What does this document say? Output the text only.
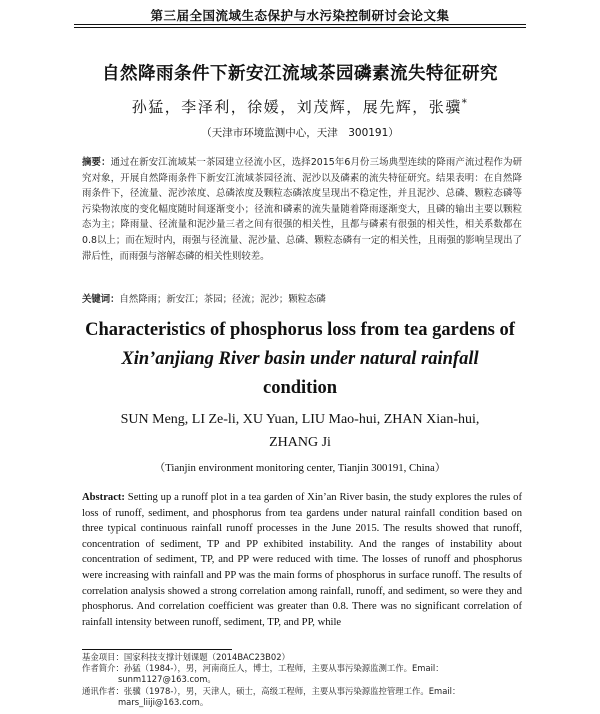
第三届全国流域生态保护与水污染控制研讨会论文集
自然降雨条件下新安江流域茶园磷素流失特征研究
孙猛，李泽利，徐媛，刘茂辉，展先辉，张骥*
（天津市环境监测中心，天津　300191）
摘要：通过在新安江流域某一茶园建立径流小区，选择2015年6月份三场典型连续的降雨产流过程作为研究对象，开展自然降雨条件下新安江流域茶园径流、泥沙以及磷素的流失特征研究。结果表明：在自然降雨条件下，径流量、泥沙浓度、总磷浓度及颗粒态磷浓度呈现出不稳定性，并且泥沙、总磷、颗粒态磷等污染物浓度的变化幅度随时间逐渐变小；径流和磷素的流失量随着降雨逐渐变大，且磷的输出主要以颗粒态为主；降雨量、径流量和泥沙量三者之间有很强的相关性，且都与磷素有很强的相关性，相关系数都在0.8以上；而在短时内，雨强与径流量、泥沙量、总磷、颗粒态磷有一定的相关性，且雨强的影响呈现出了滞后性，而雨强与溶解态磷的相关性则较差。
关键词：自然降雨；新安江；茶园；径流；泥沙；颗粒态磷
Characteristics of phosphorus loss from tea gardens of
Xin’anjiang River basin under natural rainfall
condition
SUN Meng, LI Ze-li, XU Yuan, LIU Mao-hui, ZHAN Xian-hui,
ZHANG Ji
（Tianjin environment monitoring center, Tianjin 300191, China）
Abstract: Setting up a runoff plot in a tea garden of Xin’an River basin, the study explores the rules of loss of runoff, sediment, and phosphorus from tea gardens under natural rainfall condition based on three typical continuous rainfall runoff processes in the June 2015. The results showed that runoff, concentration of sediment, TP and PP exhibited instability. And the ranges of instability about concentration of sediment, TP, and PP were reduced with time. The losses of runoff and phosphorus were increasing with rainfall and PP was the main forms of phosphorus in surface runoff. The results of correlation analysis showed a strong correlation among rainfall, runoff, and sediment, so were they and phosphorus. And correlation coefficient was greater than 0.8. There was no significant correlation of rainfall intensity between runoff, sediment, TP, and PP, while
基金项目：国家科技支撑计划课题（2014BAC23B02）
作者简介：孙猛（1984-），男，河南商丘人，博士，工程师，主要从事污染源监测工作。Email：
sunm1127@163.com。
通讯作者：张骥（1978-），男，天津人，硕士，高级工程师，主要从事污染源监控管理工作。Email：
mars_liiji@163.com。
